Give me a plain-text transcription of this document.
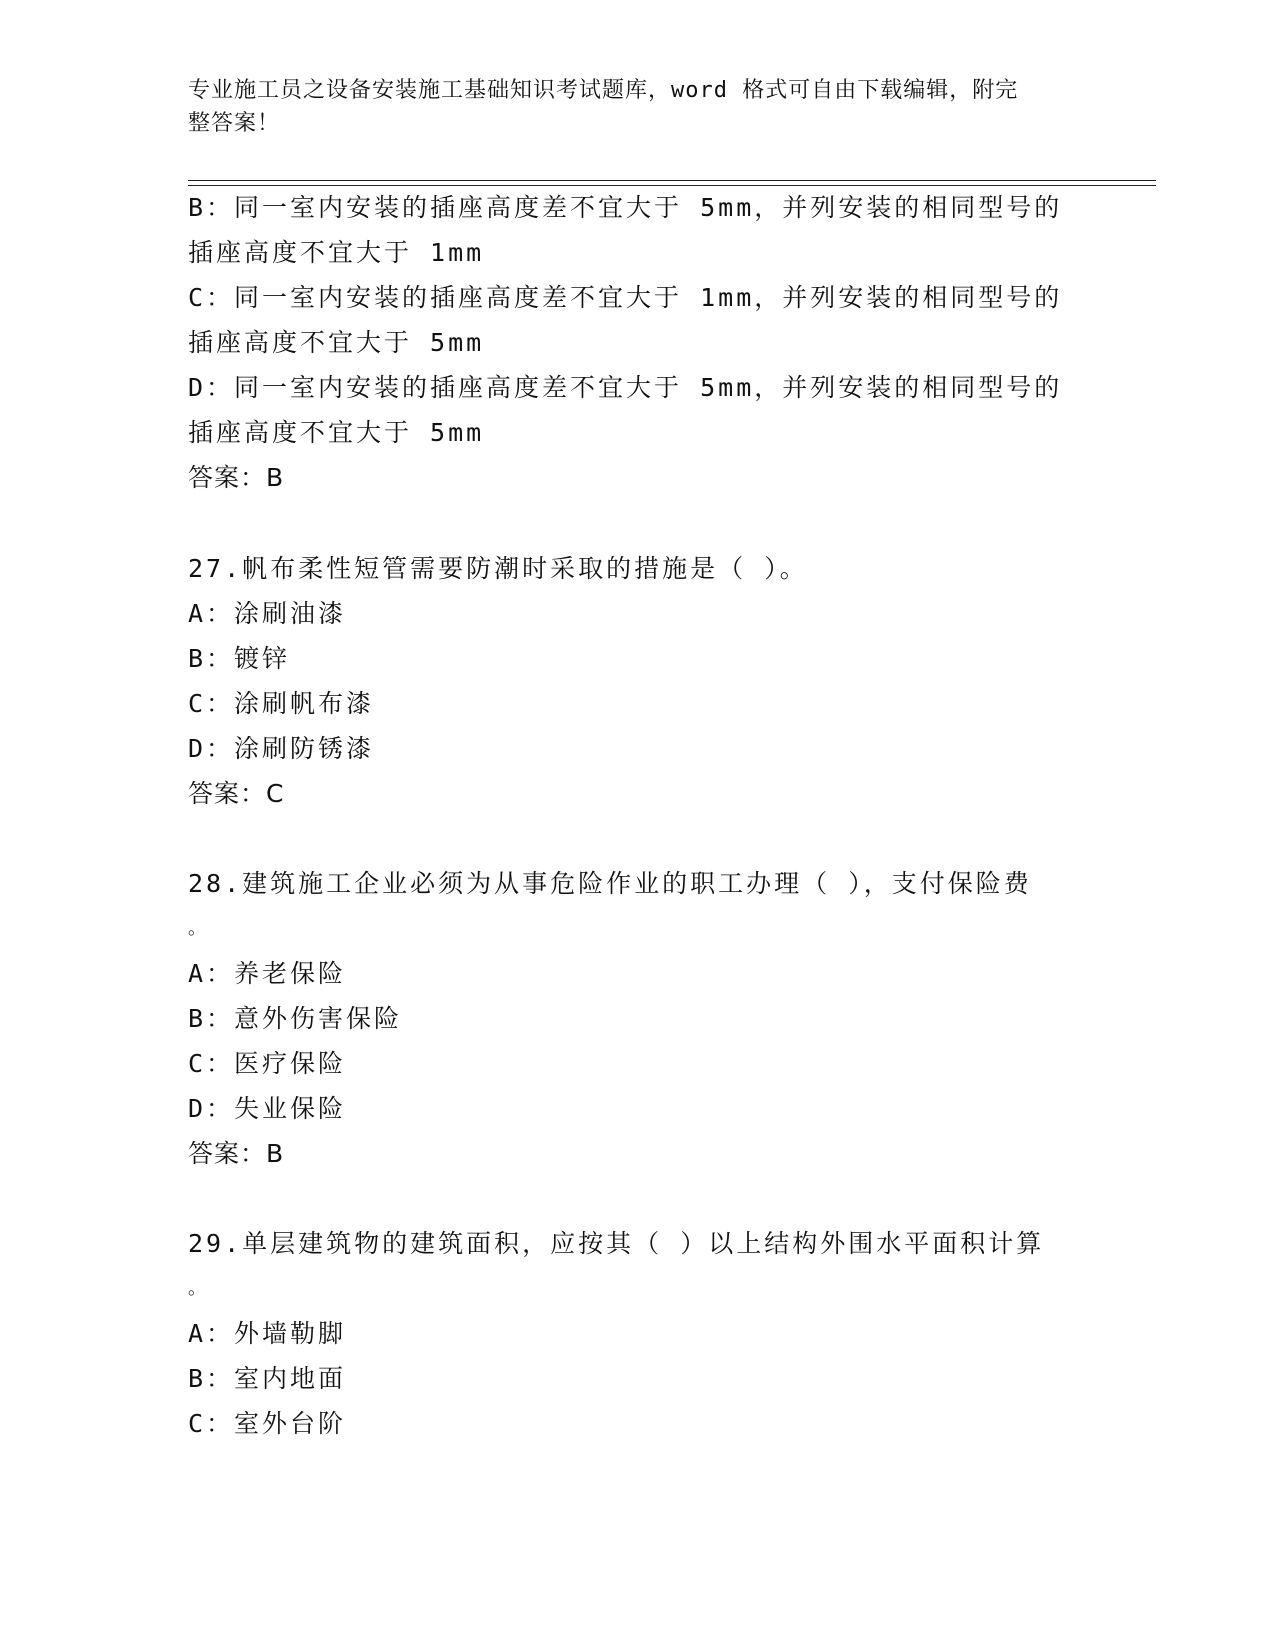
专业施工员之设备安装施工基础知识考试题库，word 格式可自由下载编辑，附完
整答案！
B：同一室内安装的插座高度差不宜大于 5mm，并列安装的相同型号的
插座高度不宜大于 1mm
C：同一室内安装的插座高度差不宜大于 1mm，并列安装的相同型号的
插座高度不宜大于 5mm
D：同一室内安装的插座高度差不宜大于 5mm，并列安装的相同型号的
插座高度不宜大于 5mm
答案：B
27.帆布柔性短管需要防潮时采取的措施是（ ）。
A：涂刷油漆
B：镀锌
C：涂刷帆布漆
D：涂刷防锈漆
答案：C
28.建筑施工企业必须为从事危险作业的职工办理（ ），支付保险费
。
A：养老保险
B：意外伤害保险
C：医疗保险
D：失业保险
答案：B
29.单层建筑物的建筑面积，应按其（ ）以上结构外围水平面积计算
。
A：外墙勒脚
B：室内地面
C：室外台阶
